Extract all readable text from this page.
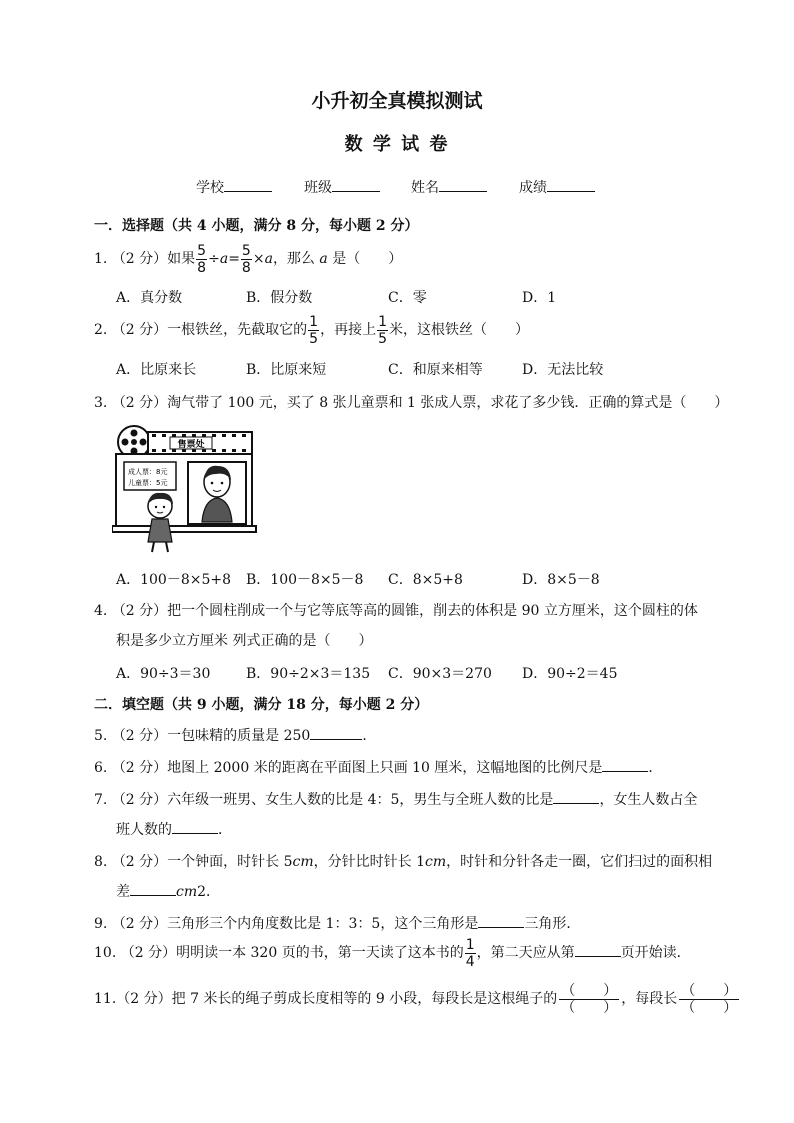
小升初全真模拟测试
数 学 试 卷
学校	班级	姓名	成绩
一．选择题（共 4 小题，满分 8 分，每小题 2 分）
1. （2 分）如果 $\frac{5}{8} \div a= \frac{5}{8} \times a$，那么 a 是（　　）
A．真分数	B．假分数	C．零	D．1
2. （2 分）一根铁丝，先截取它的 $\frac{1}{5}$ ，再接上 $\frac{1}{5}$ 米，这根铁丝（　　）
A．比原来长	B．比原来短	C．和原来相等	D．无法比较
3. （2 分）淘气带了 100 元，买了 8 张儿童票和 1 张成人票，求花了多少钱．正确的算式是（　　）
售票处
成人票：8元
儿童票：5元
A．100－8×5+8 B．100－8×5－8 C．8×5+8	D．8×5－8
4. （2 分）把一个圆柱削成一个与它等底等高的圆锥，削去的体积是 90 立方厘米，这个圆柱的体
积是多少立方厘米 列式正确的是（　　）
A．90÷3＝30	B．90÷2×3＝135 C．90×3＝270 D．90÷2＝45
二．填空题（共 9 小题，满分 18 分，每小题 2 分）
5. （2 分）一包味精的质量是 250	．
6. （2 分）地图上 2000 米的距离在平面图上只画 10 厘米，这幅地图的比例尺是	．
7. （2 分）六年级一班男、女生人数的比是 4：5，男生与全班人数的比是	，女生人数占全
班人数的	．
8. （2 分）一个钟面，时针长 5cm，分针比时针长 1cm，时针和分针各走一圈，它们扫过的面积相
差	cm2．
9. （2 分）三角形三个内角度数比是 1：3：5，这个三角形是	三角形．
10. （2 分）明明读一本 320 页的书，第一天读了这本书的 $\frac{1}{4}$ ，第二天应从第	页开始读．
11.（2 分）把 7 米长的绳子剪成长度相等的 9 小段，每段长是这根绳子的
（　　）
（　　）
，每段长
（　　）
（　　）
